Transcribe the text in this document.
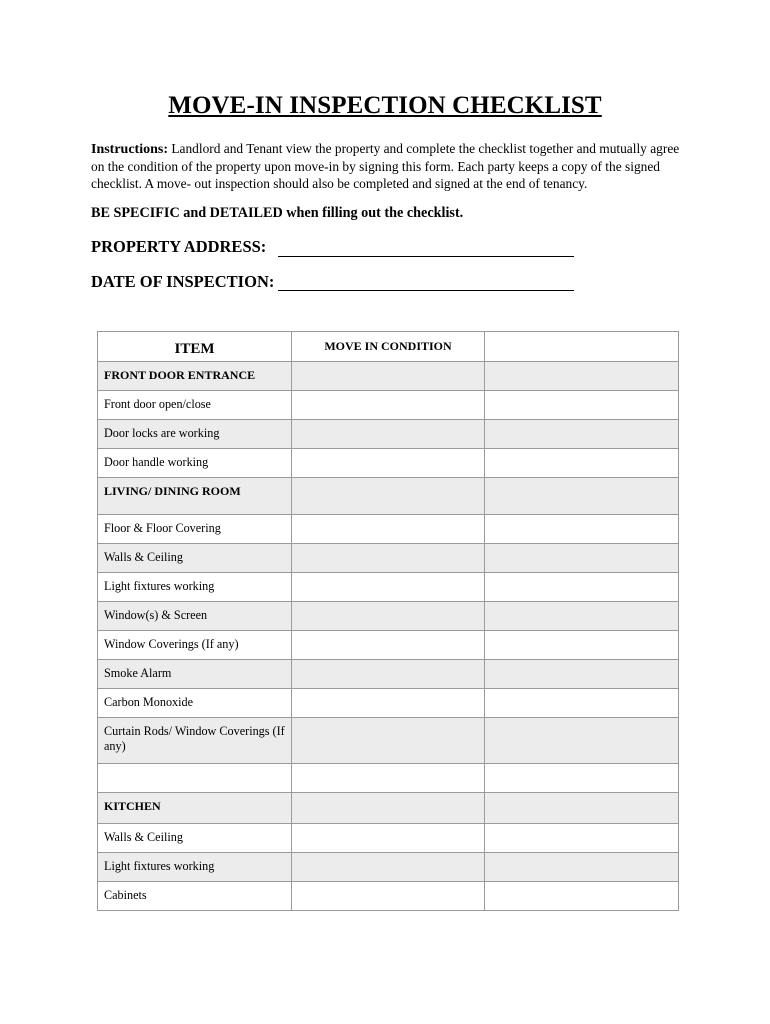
MOVE-IN INSPECTION CHECKLIST
Instructions: Landlord and Tenant view the property and complete the checklist together and mutually agree on the condition of the property upon move-in by signing this form. Each party keeps a copy of the signed checklist. A move- out inspection should also be completed and signed at the end of tenancy.
BE SPECIFIC and DETAILED when filling out the checklist.
PROPERTY ADDRESS:
DATE OF INSPECTION:
ITEM	MOVE IN CONDITION	
FRONT DOOR ENTRANCE		
Front door open/close		
Door locks are working		
Door handle working		
LIVING/ DINING ROOM		
Floor & Floor Covering		
Walls & Ceiling		
Light fixtures working		
Window(s) & Screen		
Window Coverings (If any)		
Smoke Alarm		
Carbon Monoxide		
Curtain Rods/ Window Coverings (If any)		

KITCHEN		
Walls & Ceiling		
Light fixtures working		
Cabinets		
